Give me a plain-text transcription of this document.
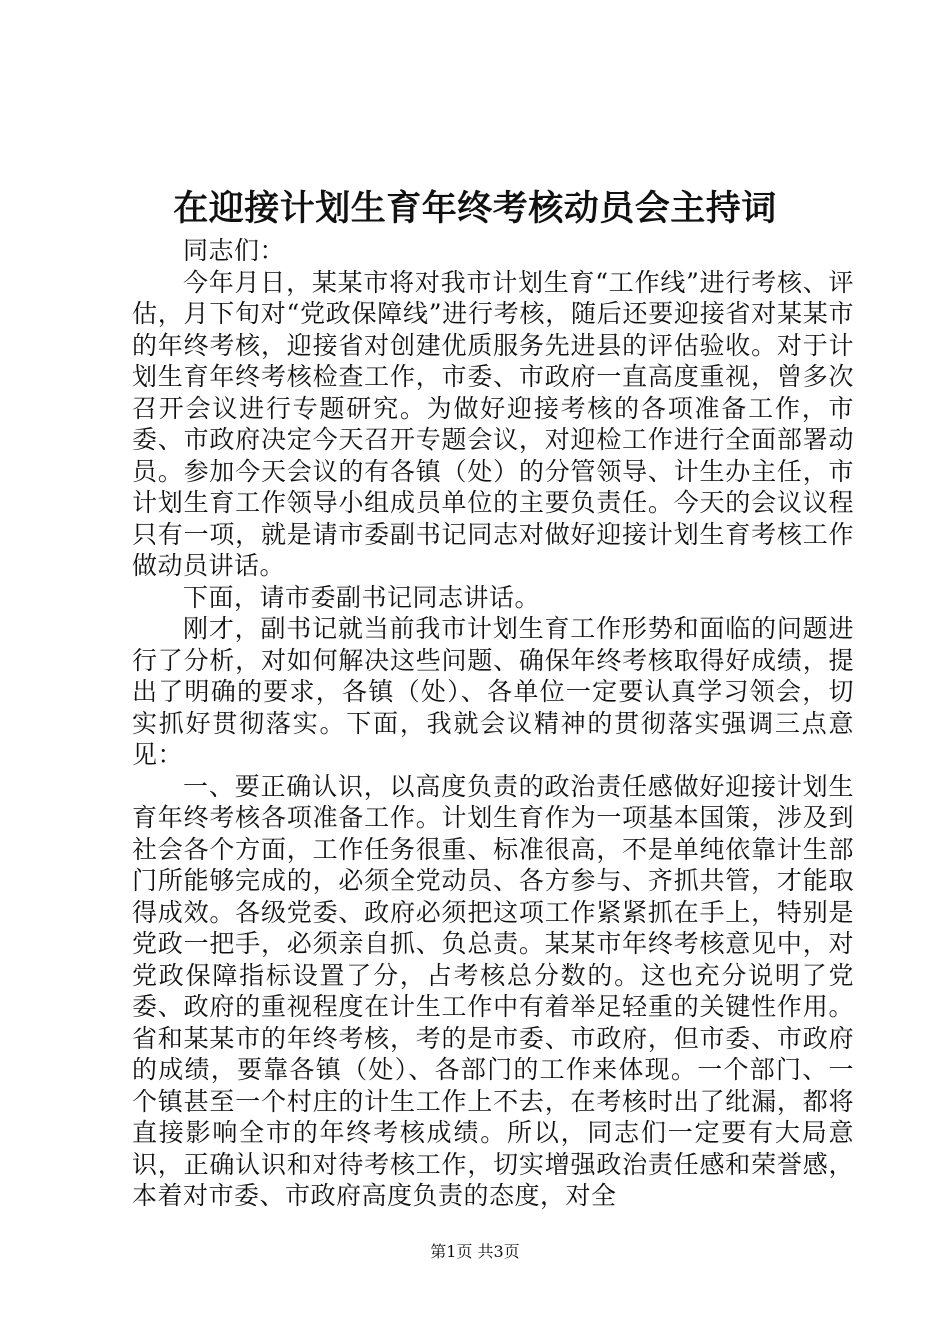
在迎接计划生育年终考核动员会主持词

同志们：

今年月日，某某市将对我市计划生育“工作线”进行考核、评估，月下旬对“党政保障线”进行考核，随后还要迎接省对某某市的年终考核，迎接省对创建优质服务先进县的评估验收。对于计划生育年终考核检查工作，市委、市政府一直高度重视，曾多次召开会议进行专题研究。为做好迎接考核的各项准备工作，市委、市政府决定今天召开专题会议，对迎检工作进行全面部署动员。参加今天会议的有各镇（处）的分管领导、计生办主任，市计划生育工作领导小组成员单位的主要负责任。今天的会议议程只有一项，就是请市委副书记同志对做好迎接计划生育考核工作做动员讲话。

下面，请市委副书记同志讲话。

刚才，副书记就当前我市计划生育工作形势和面临的问题进行了分析，对如何解决这些问题、确保年终考核取得好成绩，提出了明确的要求，各镇（处）、各单位一定要认真学习领会，切实抓好贯彻落实。下面，我就会议精神的贯彻落实强调三点意见：

一、要正确认识，以高度负责的政治责任感做好迎接计划生育年终考核各项准备工作。计划生育作为一项基本国策，涉及到社会各个方面，工作任务很重、标准很高，不是单纯依靠计生部门所能够完成的，必须全党动员、各方参与、齐抓共管，才能取得成效。各级党委、政府必须把这项工作紧紧抓在手上，特别是党政一把手，必须亲自抓、负总责。某某市年终考核意见中，对党政保障指标设置了分，占考核总分数的。这也充分说明了党委、政府的重视程度在计生工作中有着举足轻重的关键性作用。省和某某市的年终考核，考的是市委、市政府，但市委、市政府的成绩，要靠各镇（处）、各部门的工作来体现。一个部门、一个镇甚至一个村庄的计生工作上不去，在考核时出了纰漏，都将直接影响全市的年终考核成绩。所以，同志们一定要有大局意识，正确认识和对待考核工作，切实增强政治责任感和荣誉感，本着对市委、市政府高度负责的态度，对全

第1页 共3页
